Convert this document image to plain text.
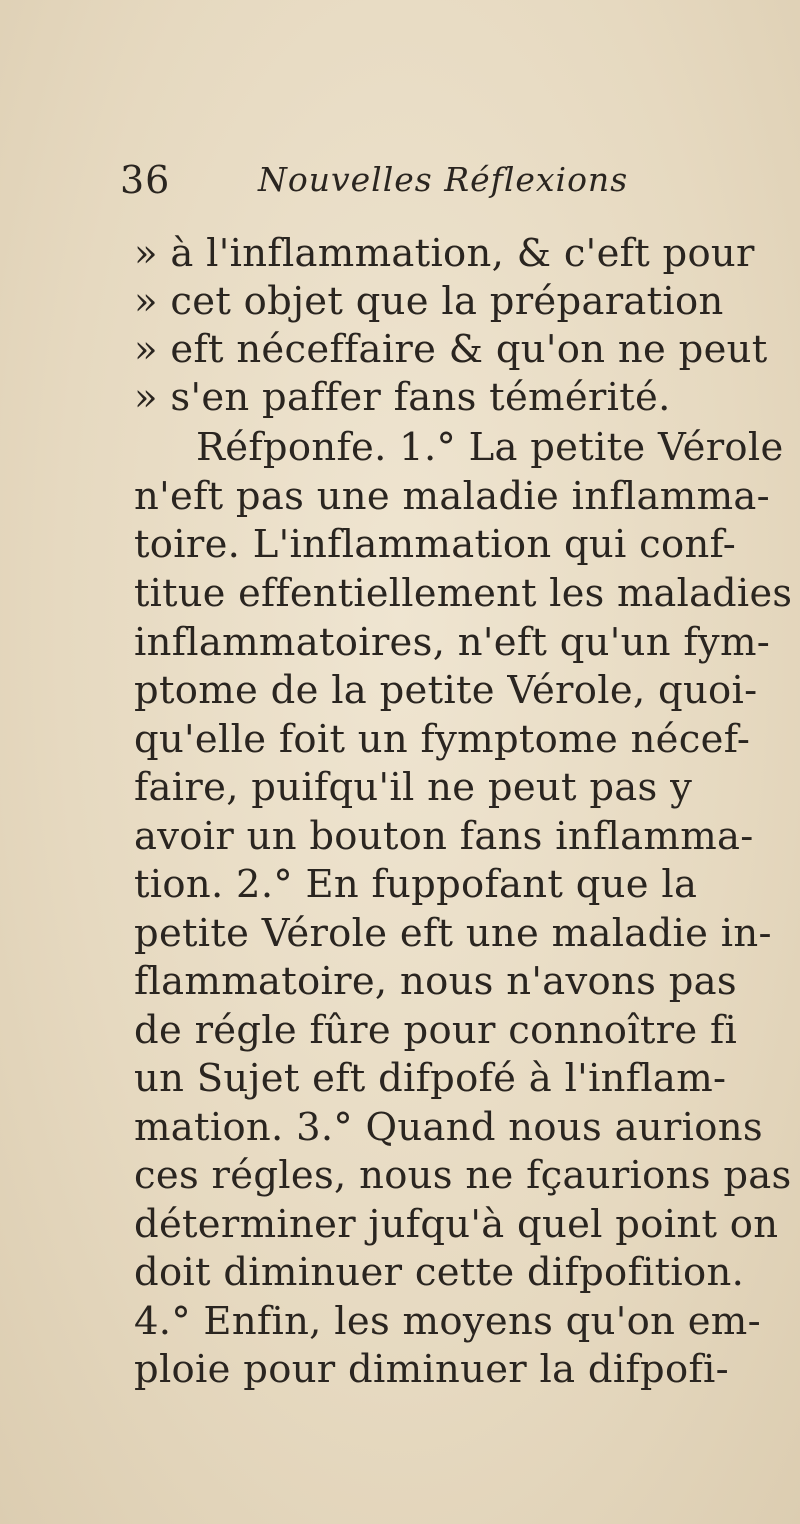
36	Nouvelles Réflexions
» à l'inflammation, & c'eft pour
» cet objet que la préparation
» eft néceffaire & qu'on ne peut
» s'en paffer fans témérité.
Réfponfe. 1.° La petite Vérole
n'eft pas une maladie inflamma-
toire. L'inflammation qui conf-
titue effentiellement les maladies
inflammatoires, n'eft qu'un fym-
ptome de la petite Vérole, quoi-
qu'elle foit un fymptome nécef-
faire, puifqu'il ne peut pas y
avoir un bouton fans inflamma-
tion. 2.° En fuppofant que la
petite Vérole eft une maladie in-
flammatoire, nous n'avons pas
de régle fûre pour connoître fi
un Sujet eft difpofé à l'inflam-
mation. 3.° Quand nous aurions
ces régles, nous ne fçaurions pas
déterminer jufqu'à quel point on
doit diminuer cette difpofition.
4.° Enfin, les moyens qu'on em-
ploie pour diminuer la difpofi-
